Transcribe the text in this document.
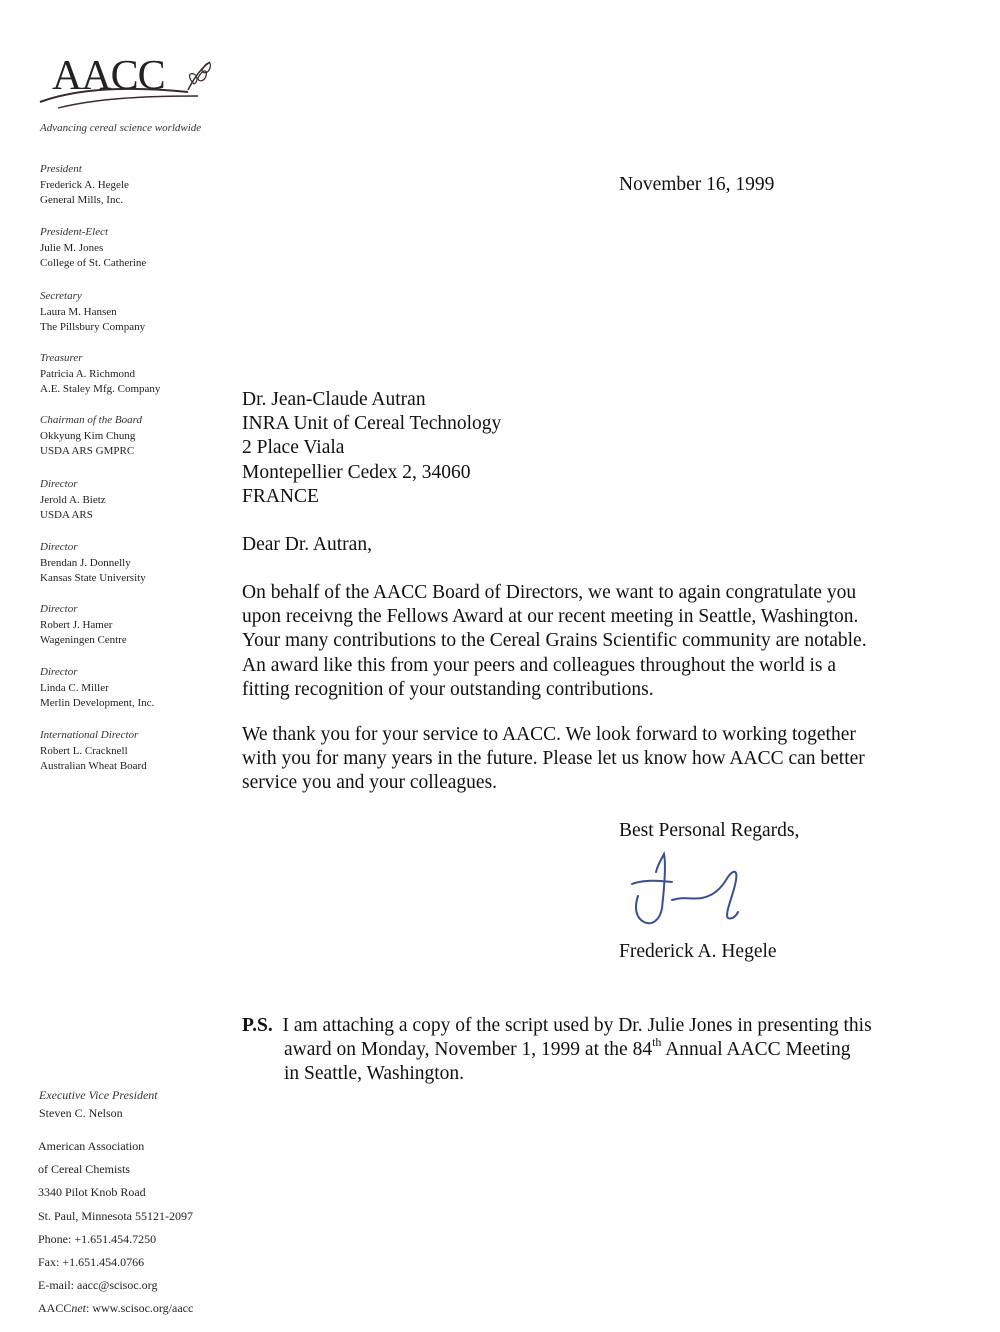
AACC
Advancing cereal science worldwide
President
Frederick A. Hegele
General Mills, Inc.
President-Elect
Julie M. Jones
College of St. Catherine
Secretary
Laura M. Hansen
The Pillsbury Company
Treasurer
Patricia A. Richmond
A.E. Staley Mfg. Company
Chairman of the Board
Okkyung Kim Chung
USDA ARS GMPRC
Director
Jerold A. Bietz
USDA ARS
Director
Brendan J. Donnelly
Kansas State University
Director
Robert J. Hamer
Wageningen Centre
Director
Linda C. Miller
Merlin Development, Inc.
International Director
Robert L. Cracknell
Australian Wheat Board
Executive Vice President
Steven C. Nelson
American Association
of Cereal Chemists
3340 Pilot Knob Road
St. Paul, Minnesota 55121-2097
Phone: +1.651.454.7250
Fax: +1.651.454.0766
E-mail: aacc@scisoc.org
AACCnet: www.scisoc.org/aacc
November 16, 1999
Dr. Jean-Claude Autran
INRA Unit of Cereal Technology
2 Place Viala
Montepellier Cedex 2, 34060
FRANCE
Dear Dr. Autran,
On behalf of the AACC Board of Directors, we want to again congratulate you
upon receivng the Fellows Award at our recent meeting in Seattle, Washington.
Your many contributions to the Cereal Grains Scientific community are notable.
An award like this from your peers and colleagues throughout the world is a
fitting recognition of your outstanding contributions.
We thank you for your service to AACC. We look forward to working together
with you for many years in the future. Please let us know how AACC can better
service you and your colleagues.
Best Personal Regards,
Frederick A. Hegele
P.S. I am attaching a copy of the script used by Dr. Julie Jones in presenting this
award on Monday, November 1, 1999 at the 84th Annual AACC Meeting
in Seattle, Washington.
